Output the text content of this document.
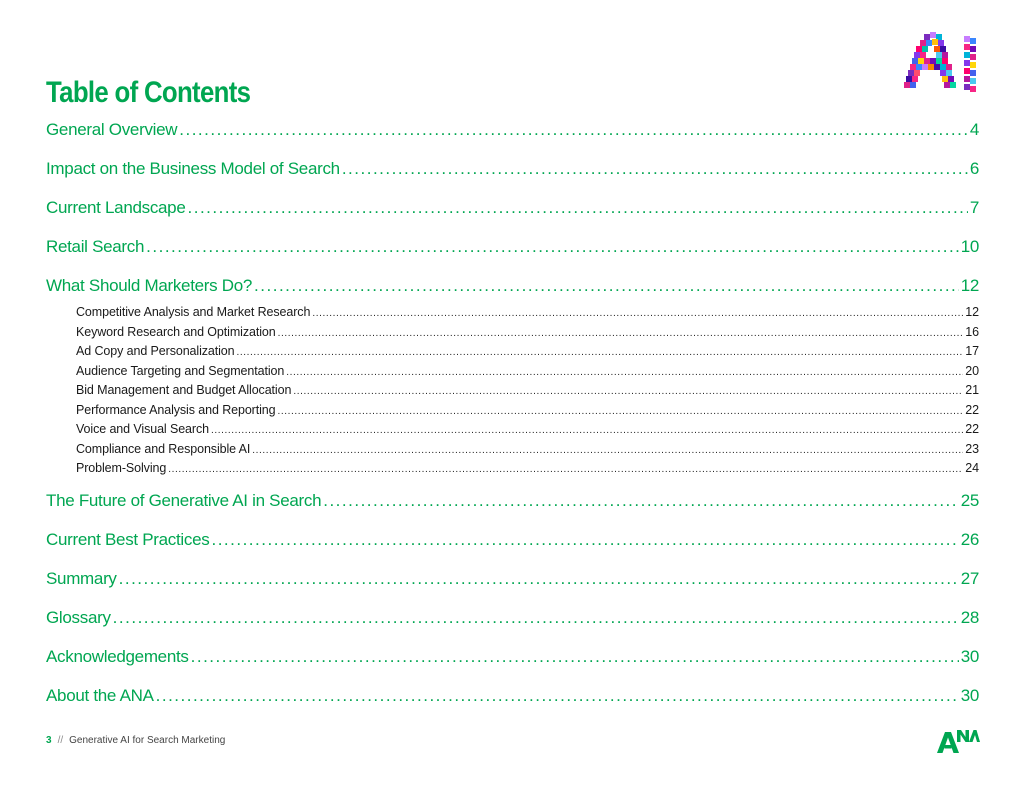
Table of Contents
General Overview .....	4
Impact on the Business Model of Search .....	6
Current Landscape .....	7
Retail Search .....	10
What Should Marketers Do? .....	12
Competitive Analysis and Market Research .....	12
Keyword Research and Optimization .....	16
Ad Copy and Personalization .....	17
Audience Targeting and Segmentation .....	20
Bid Management and Budget Allocation .....	21
Performance Analysis and Reporting .....	22
Voice and Visual Search .....	22
Compliance and Responsible AI .....	23
Problem-Solving .....	24
The Future of Generative AI in Search .....	25
Current Best Practices .....	26
Summary .....	27
Glossary .....	28
Acknowledgements .....	30
About the ANA .....	30
3 // Generative AI for Search Marketing
